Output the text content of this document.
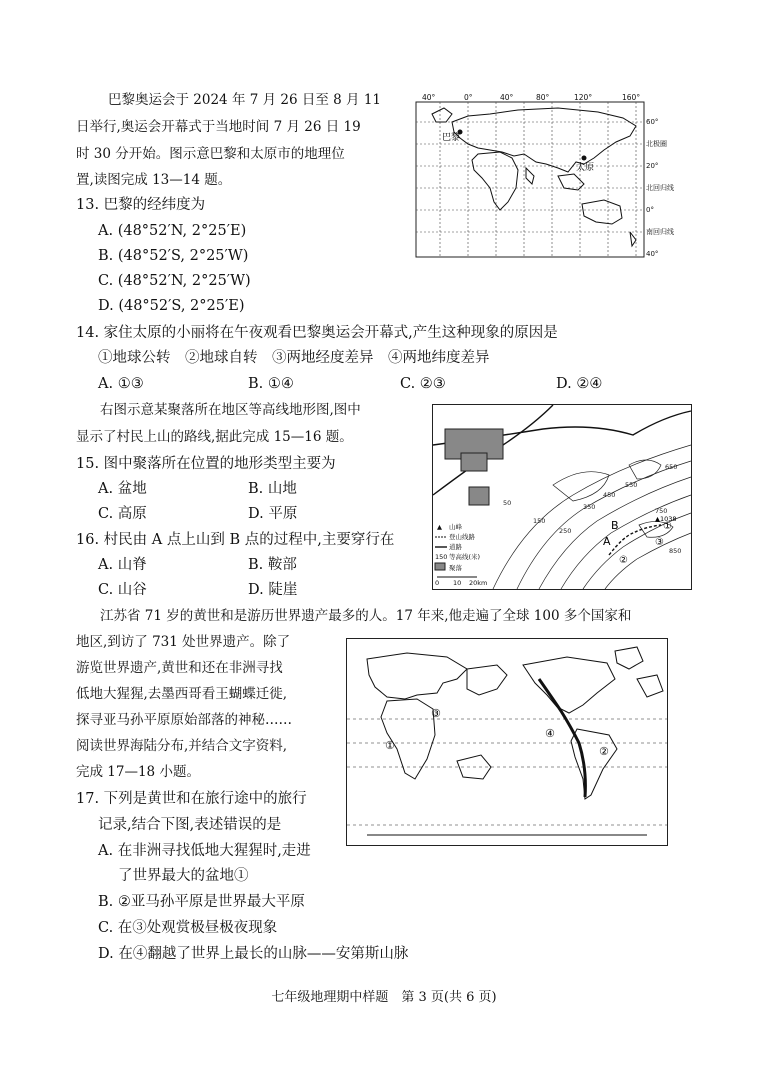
巴黎奥运会于 2024 年 7 月 26 日至 8 月 11
日举行,奥运会开幕式于当地时间 7 月 26 日 19
时 30 分开始。图示意巴黎和太原市的地理位
置,读图完成 13—14 题。
13. 巴黎的经纬度为
A. (48°52′N, 2°25′E)
B. (48°52′S, 2°25′W)
C. (48°52′N, 2°25′W)
D. (48°52′S, 2°25′E)
14. 家住太原的小丽将在午夜观看巴黎奥运会开幕式,产生这种现象的原因是
①地球公转　②地球自转　③两地经度差异　④两地纬度差异
A. ①③	B. ①④	C. ②③	D. ②④
巴黎
太原
40°	0°	40°	80°	120°	160°
60°
北极圈
20°
北回归线
0°
南回归线
40°
右图示意某聚落所在地区等高线地形图,图中
显示了村民上山的路线,据此完成 15—16 题。
15. 图中聚落所在位置的地形类型主要为
A. 盆地	B. 山地
C. 高原	D. 平原
16. 村民由 A 点上山到 B 点的过程中,主要穿行在
A. 山脊	B. 鞍部
C. 山谷	D. 陡崖
A
B	①
②
③
50
150
250
350
450
550
650
750
850
▲1038
▲ 山峰
登山线路
道路
150 等高线(米)
聚落
0 10 20km
江苏省 71 岁的黄世和是游历世界遗产最多的人。17 年来,他走遍了全球 100 多个国家和
地区,到访了 731 处世界遗产。除了
游览世界遗产,黄世和还在非洲寻找
低地大猩猩,去墨西哥看王蝴蝶迁徙,
探寻亚马孙平原原始部落的神秘……
阅读世界海陆分布,并结合文字资料,
完成 17—18 小题。
17. 下列是黄世和在旅行途中的旅行
记录,结合下图,表述错误的是
A. 在非洲寻找低地大猩猩时,走进
了世界最大的盆地①
B. ②亚马孙平原是世界最大平原
C. 在③处观赏极昼极夜现象
D. 在④翻越了世界上最长的山脉——安第斯山脉
①	②
③
④
七年级地理期中样题　第 3 页(共 6 页)
